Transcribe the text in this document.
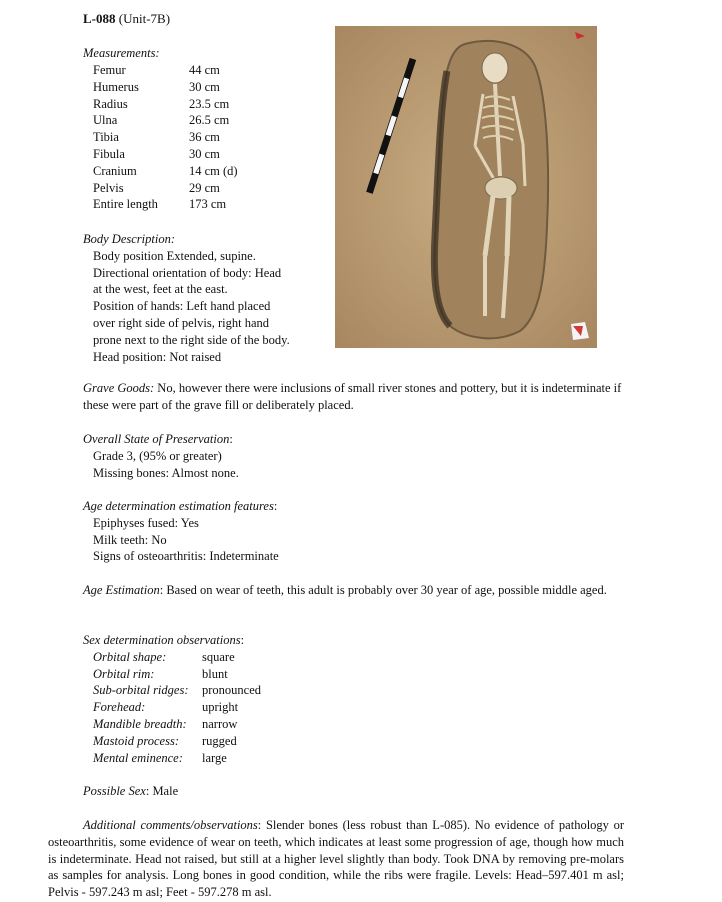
L-088 (Unit-7B)
Measurements:
Femur	44 cm
Humerus	30 cm
Radius	23.5 cm
Ulna	26.5 cm
Tibia	36 cm
Fibula	30 cm
Cranium	14 cm (d)
Pelvis	29 cm
Entire length	173 cm
Body Description:
Body position Extended, supine.
Directional orientation of body: Head
at the west, feet at the east.
Position of hands: Left hand placed
over right side of pelvis, right hand
prone next to the right side of the body.
Head position: Not raised
Grave Goods: No, however there were inclusions of small river stones and pottery, but it is indeterminate if these were part of the grave fill or deliberately placed.
Overall State of Preservation:
Grade 3, (95% or greater)
Missing bones: Almost none.
Age determination estimation features:
Epiphyses fused: Yes
Milk teeth: No
Signs of osteoarthritis: Indeterminate
Age Estimation: Based on wear of teeth, this adult is probably over 30 year of age, possible middle aged.
Sex determination observations:
Orbital shape:	square
Orbital rim:	blunt
Sub-orbital ridges:	pronounced
Forehead:	upright
Mandible breadth:	narrow
Mastoid process:	rugged
Mental eminence:	large
Possible Sex: Male
Additional comments/observations: Slender bones (less robust than L-085). No evidence of pathology or osteoarthritis, some evidence of wear on teeth, which indicates at least some progression of age, though how much is indeterminate. Head not raised, but still at a higher level slightly than body. Took DNA by removing pre-molars as samples for analysis. Long bones in good condition, while the ribs were fragile. Levels: Head–597.401 m asl; Pelvis - 597.243 m asl; Feet - 597.278 m asl.
